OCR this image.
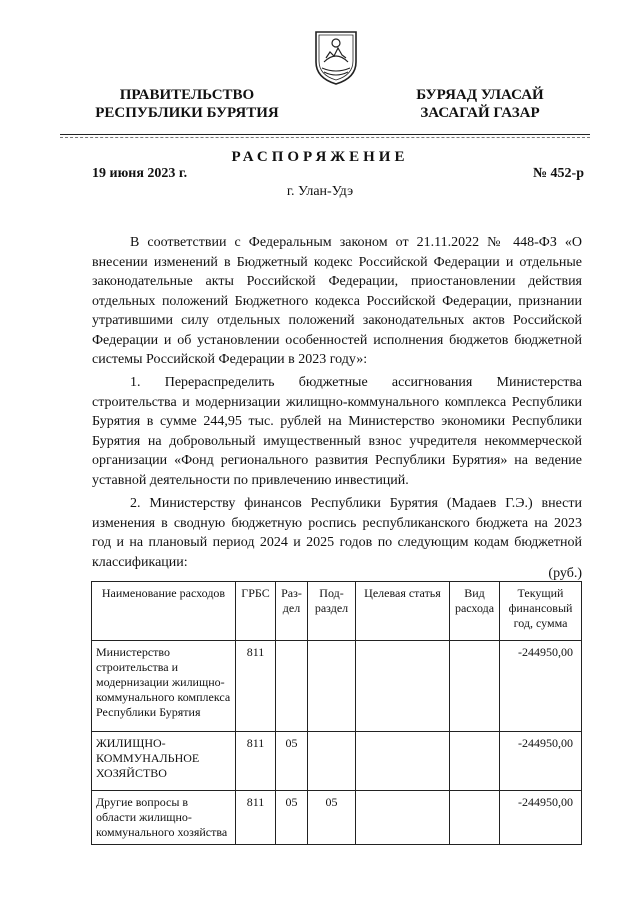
ПРАВИТЕЛЬСТВО
РЕСПУБЛИКИ БУРЯТИЯ
БУРЯАД УЛАСАЙ
ЗАСАГАЙ ГАЗАР
РАСПОРЯЖЕНИЕ
19 июня 2023 г.	№ 452-р
г. Улан-Удэ

В соответствии с Федеральным законом от 21.11.2022 № 448-ФЗ «О внесении изменений в Бюджетный кодекс Российской Федерации и отдельные законодательные акты Российской Федерации, приостановлении действия отдельных положений Бюджетного кодекса Российской Федерации, признании утратившими силу отдельных положений законодательных актов Российской Федерации и об установлении особенностей исполнения бюджетов бюджетной системы Российской Федерации в 2023 году»:

1. Перераспределить бюджетные ассигнования Министерства строительства и модернизации жилищно-коммунального комплекса Республики Бурятия в сумме 244,95 тыс. рублей на Министерство экономики Республики Бурятия на добровольный имущественный взнос учредителя некоммерческой организации «Фонд регионального развития Республики Бурятия» на ведение уставной деятельности по привлечению инвестиций.

2. Министерству финансов Республики Бурятия (Мадаев Г.Э.) внести изменения в сводную бюджетную роспись республиканского бюджета на 2023 год и на плановый период 2024 и 2025 годов по следующим кодам бюджетной классификации:

(руб.)
Наименование расходов	ГРБС	Раз-дел	Под-раздел	Целевая статья	Вид расхода	Текущий финансовый год, сумма
Министерство строительства и модернизации жилищно-коммунального комплекса Республики Бурятия	811					-244950,00
ЖИЛИЩНО-КОММУНАЛЬНОЕ ХОЗЯЙСТВО	811	05				-244950,00
Другие вопросы в области жилищно-коммунального хозяйства	811	05	05			-244950,00
